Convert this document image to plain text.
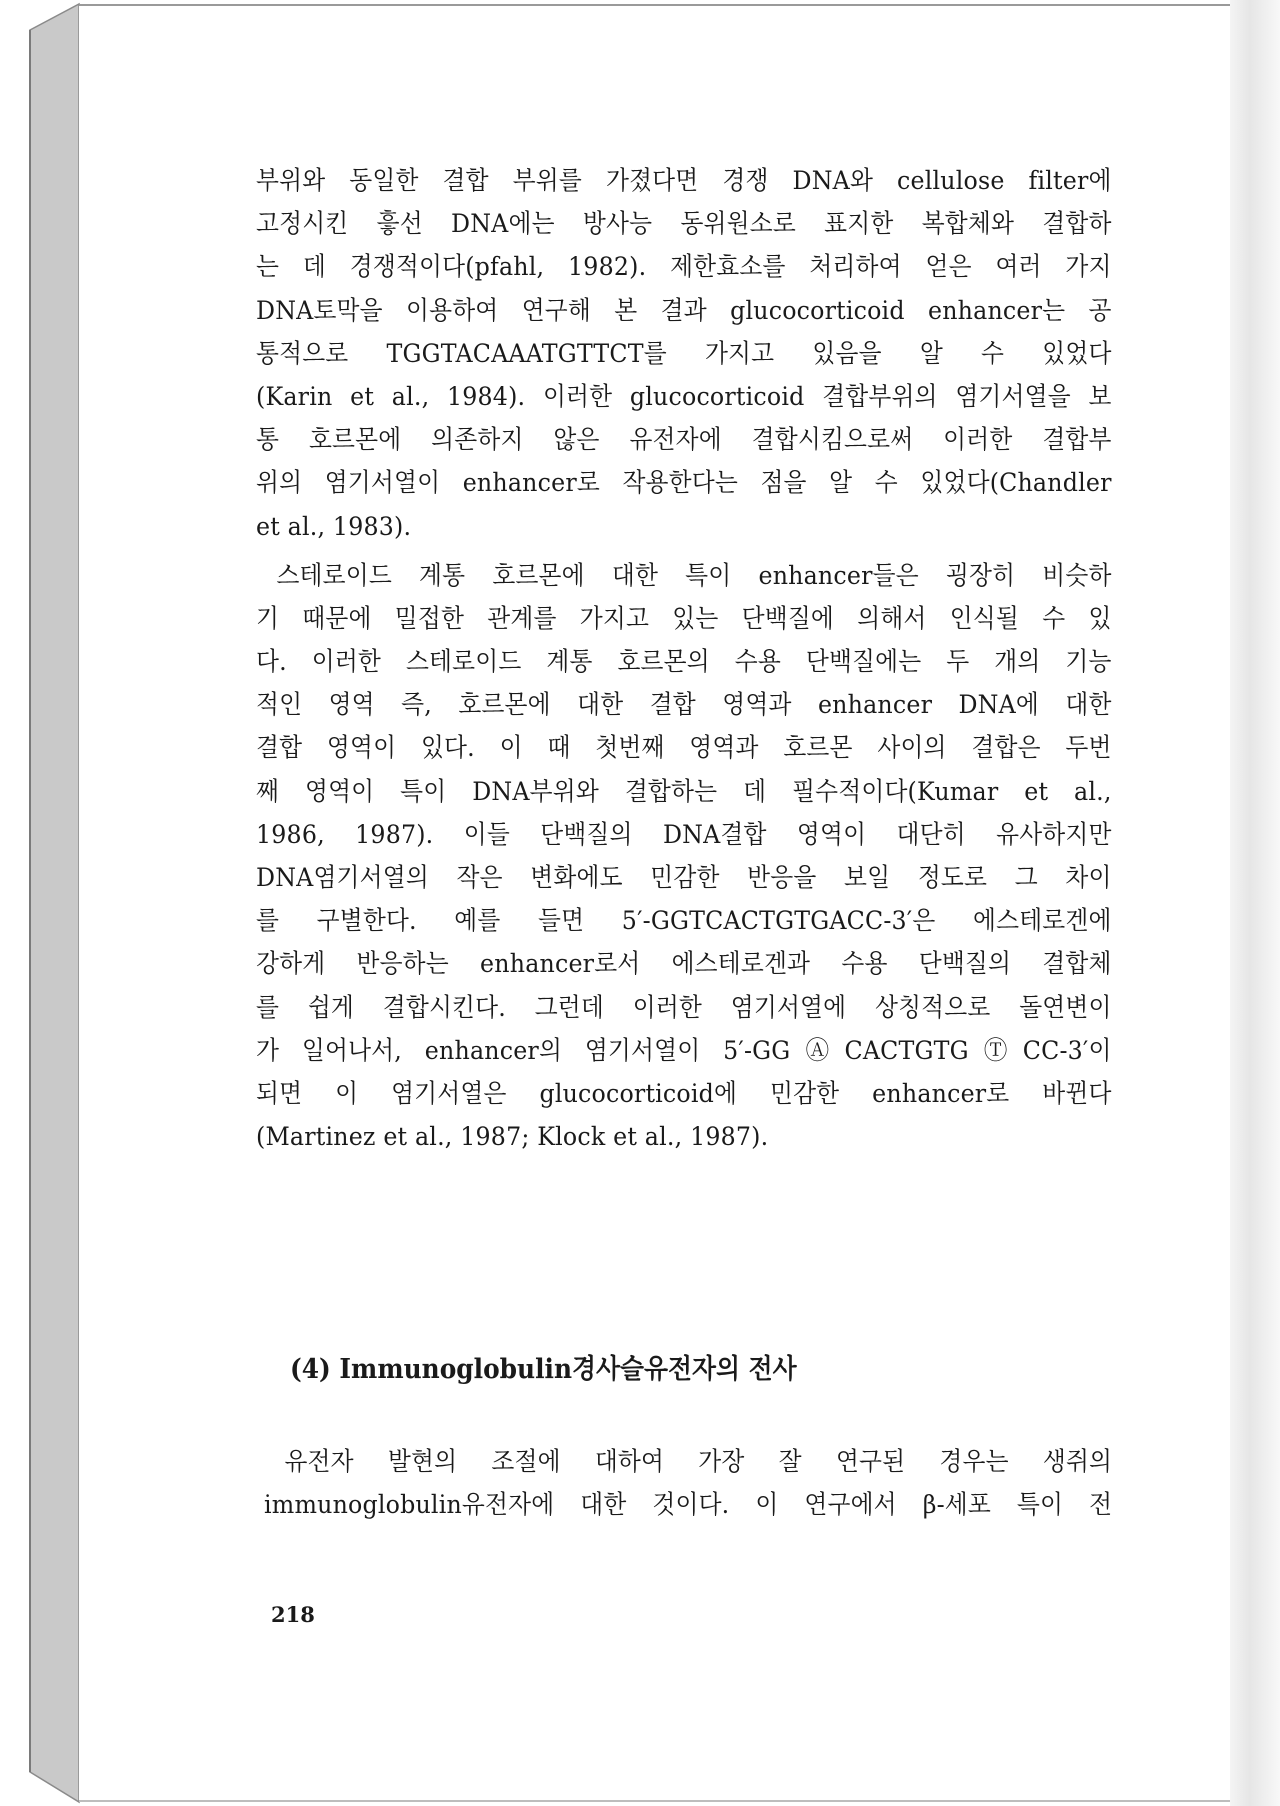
부위와 동일한 결합 부위를 가졌다면 경쟁 DNA와 cellulose filter에
고정시킨 흫선 DNA에는 방사능 동위원소로 표지한 복합체와 결합하
는 데 경쟁적이다(pfahl, 1982). 제한효소를 처리하여 얻은 여러 가지
DNA토막을 이용하여 연구해 본 결과 glucocorticoid enhancer는 공
통적으로 TGGTACAAATGTTCT를 가지고 있음을 알 수 있었다
(Karin et al., 1984). 이러한 glucocorticoid 결합부위의 염기서열을 보
통 호르몬에 의존하지 않은 유전자에 결합시킴으로써 이러한 결합부
위의 염기서열이 enhancer로 작용한다는 점을 알 수 있었다(Chandler
et al., 1983).
스테로이드 계통 호르몬에 대한 특이 enhancer들은 굉장히 비슷하
기 때문에 밀접한 관계를 가지고 있는 단백질에 의해서 인식될 수 있
다. 이러한 스테로이드 계통 호르몬의 수용 단백질에는 두 개의 기능
적인 영역 즉, 호르몬에 대한 결합 영역과 enhancer DNA에 대한
결합 영역이 있다. 이 때 첫번째 영역과 호르몬 사이의 결합은 두번
째 영역이 특이 DNA부위와 결합하는 데 필수적이다(Kumar et al.,
1986, 1987). 이들 단백질의 DNA결합 영역이 대단히 유사하지만
DNA염기서열의 작은 변화에도 민감한 반응을 보일 정도로 그 차이
를 구별한다. 예를 들면 5′-GGTCACTGTGACC-3′은 에스테로겐에
강하게 반응하는 enhancer로서 에스테로겐과 수용 단백질의 결합체
를 쉽게 결합시킨다. 그런데 이러한 염기서열에 상칭적으로 돌연변이
가 일어나서, enhancer의 염기서열이 5′-GGⒶCACTGTGⓉCC-3′이
되면 이 염기서열은 glucocorticoid에 민감한 enhancer로 바뀐다
(Martinez et al., 1987; Klock et al., 1987).
(4) Immunoglobulin경사슬유전자의 전사
유전자 발현의 조절에 대하여 가장 잘 연구된 경우는 생쥐의
immunoglobulin유전자에 대한 것이다. 이 연구에서 β-세포 특이 전
218
